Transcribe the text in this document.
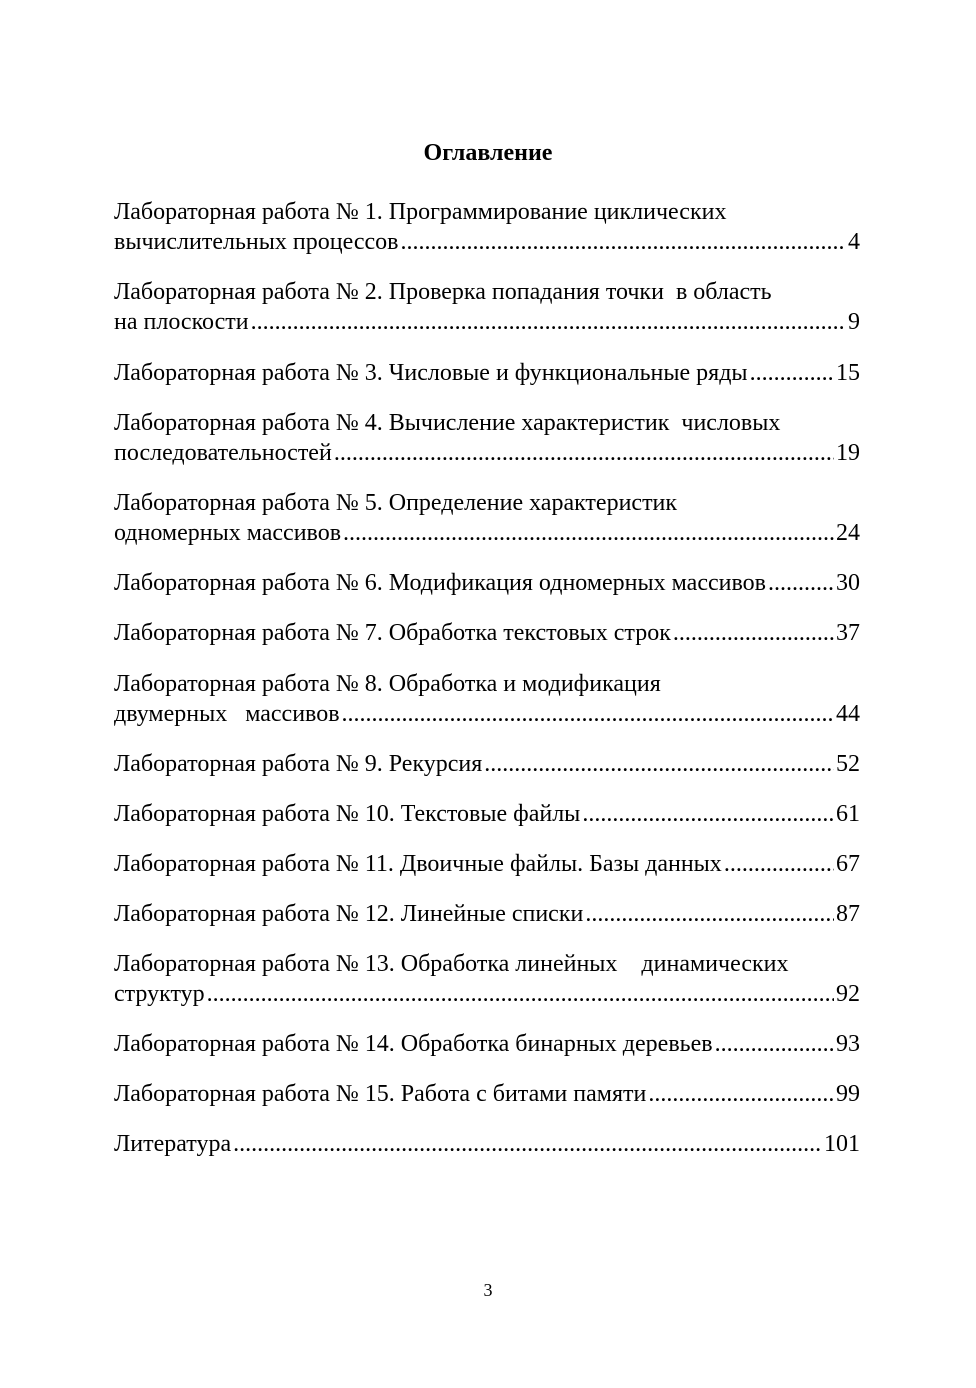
Оглавление
Лабораторная работа № 1. Программирование циклических
вычислительных процессов .....	4
Лабораторная работа № 2. Проверка попадания точки  в область
на плоскости .....	9
Лабораторная работа № 3. Числовые и функциональные ряды .....	15
Лабораторная работа № 4. Вычисление характеристик  числовых
последовательностей .....	19
Лабораторная работа № 5. Определение характеристик
одномерных массивов .....	24
Лабораторная работа № 6. Модификация одномерных массивов .....	30
Лабораторная работа № 7. Обработка текстовых строк .....	37
Лабораторная работа № 8. Обработка и модификация
двумерных   массивов .....	44
Лабораторная работа № 9. Рекурсия .....	52
Лабораторная работа № 10. Текстовые файлы .....	61
Лабораторная работа № 11. Двоичные файлы. Базы данных .....	67
Лабораторная работа № 12. Линейные списки .....	87
Лабораторная работа № 13. Обработка линейных    динамических
структур .....	92
Лабораторная работа № 14. Обработка бинарных деревьев .....	93
Лабораторная работа № 15. Работа с битами памяти .....	99
Литература .....	101
3
